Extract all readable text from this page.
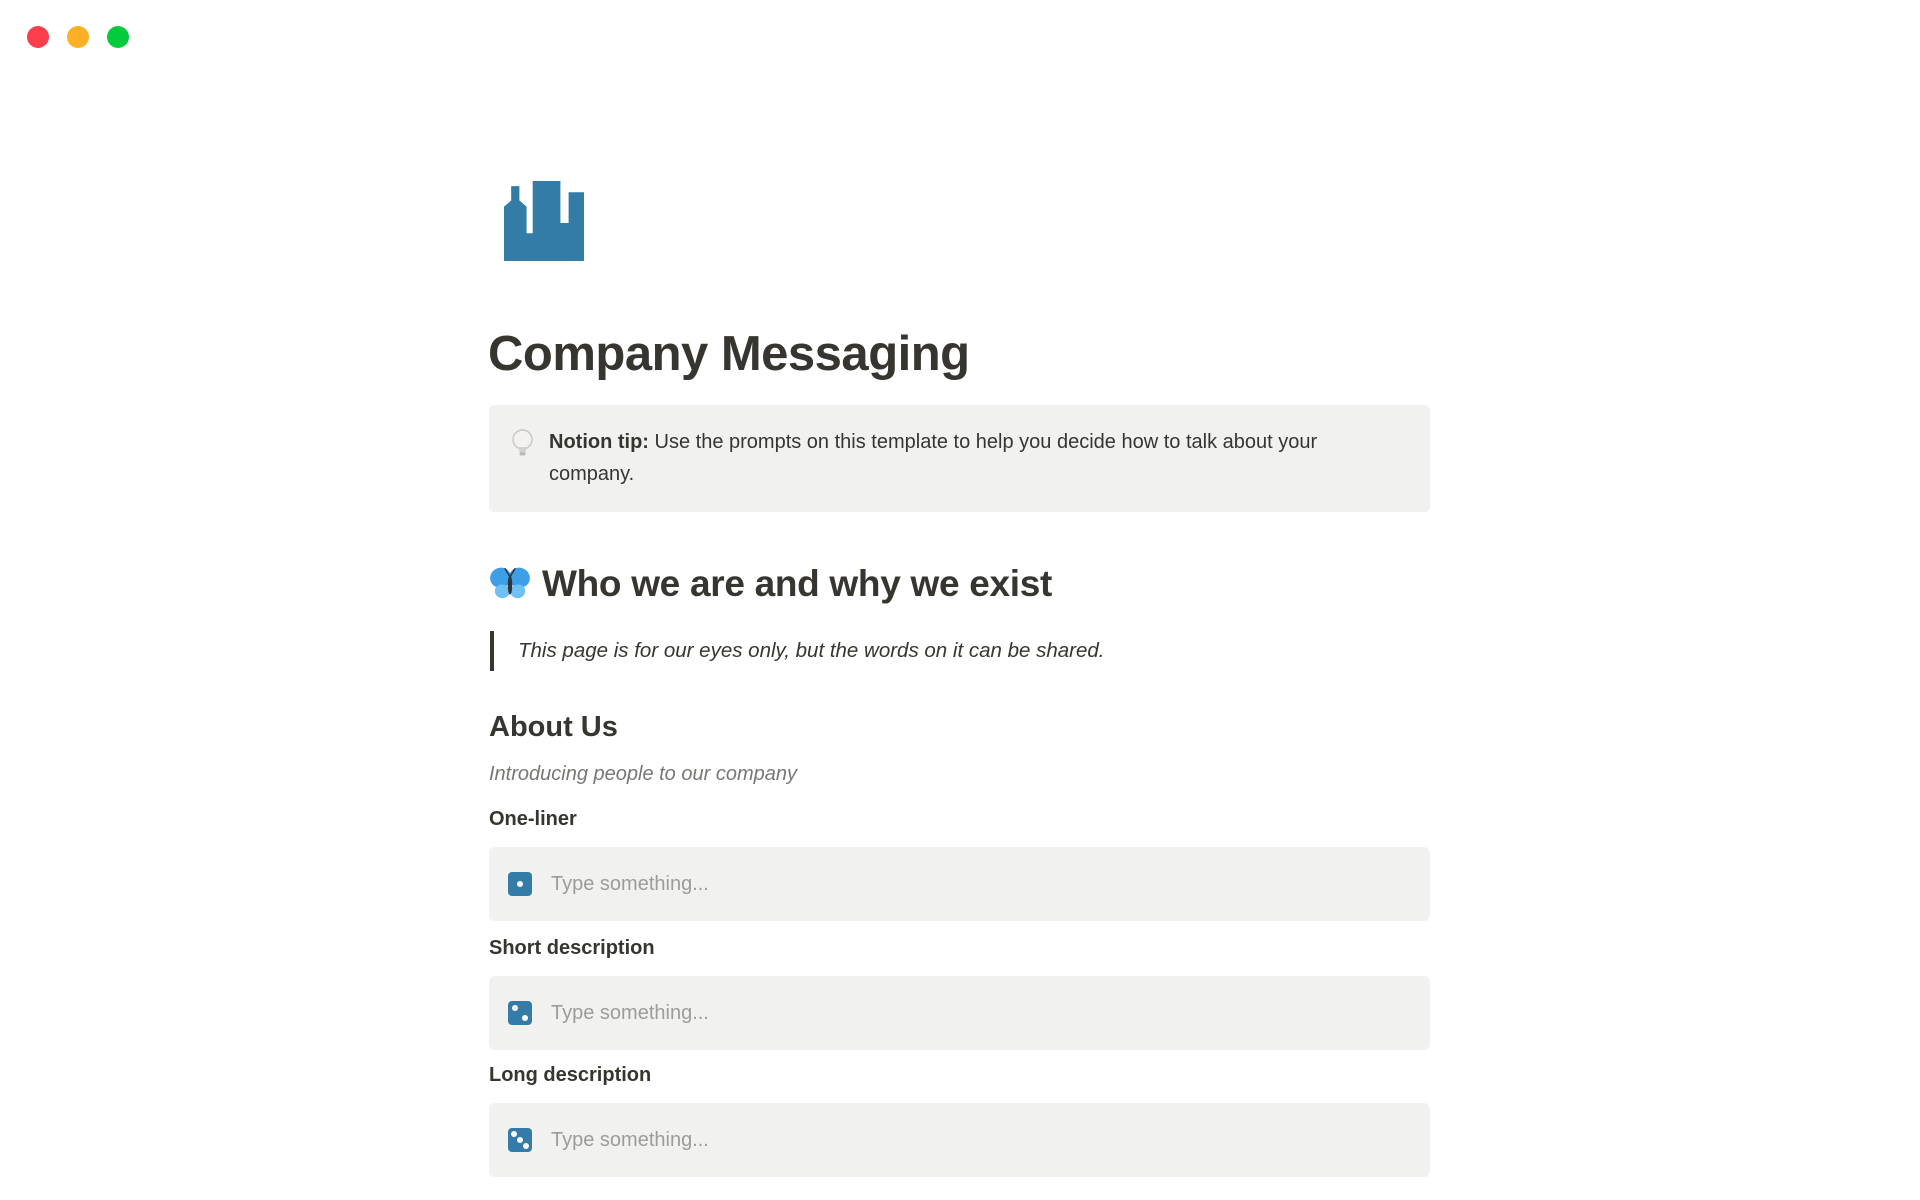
Company Messaging
Notion tip: Use the prompts on this template to help you decide how to talk about your company.
Who we are and why we exist
This page is for our eyes only, but the words on it can be shared.
About Us
Introducing people to our company
One-liner
Type something...
Short description
Type something...
Long description
Type something...
